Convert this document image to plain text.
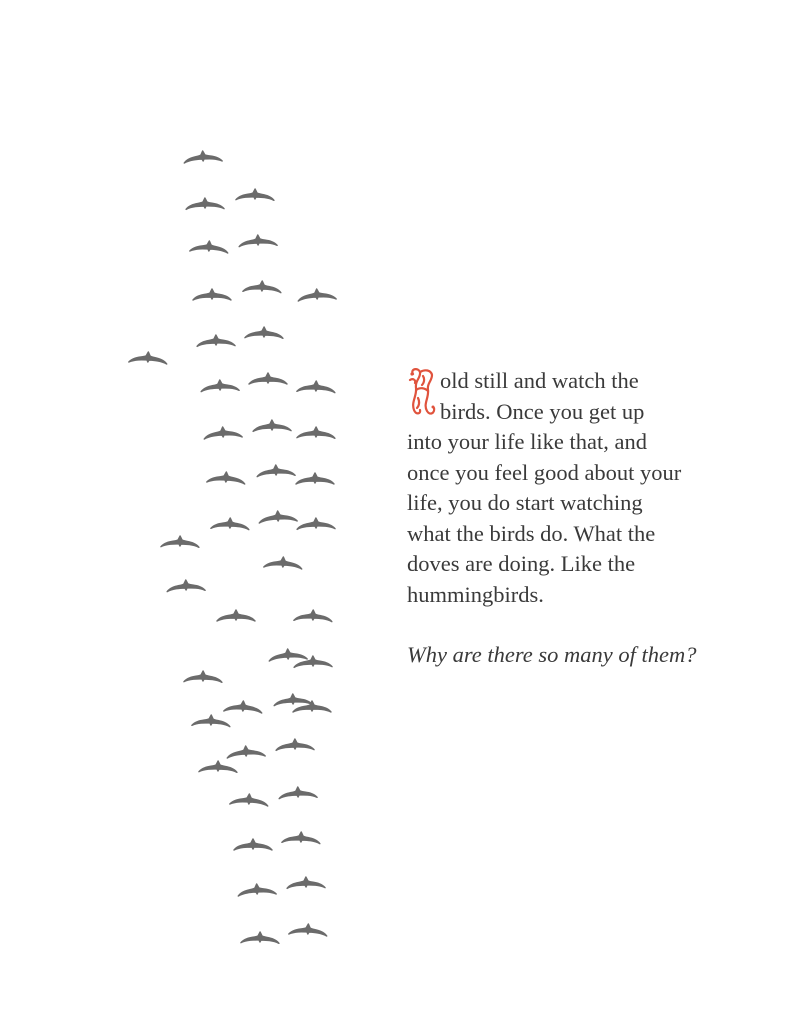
old still and watch the
birds. Once you get up
into your life like that, and
once you feel good about your
life, you do start watching
what the birds do. What the
doves are doing. Like the
hummingbirds.
Why are there so many of them?
